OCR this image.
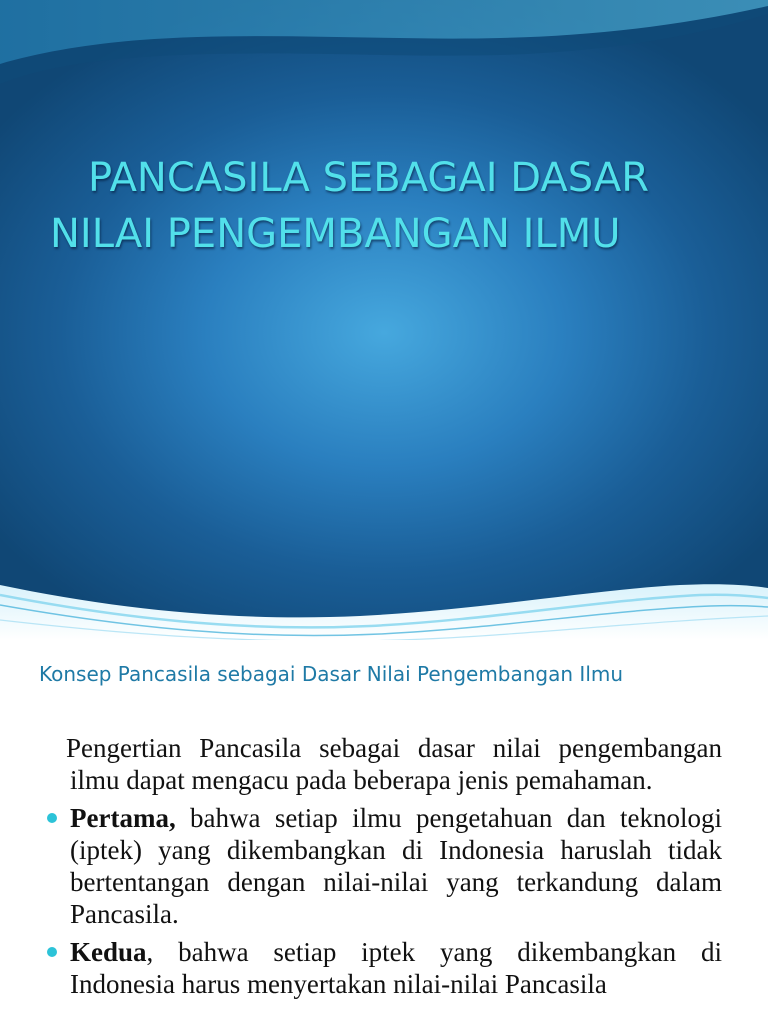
PANCASILA SEBAGAI DASAR
NILAI PENGEMBANGAN ILMU
Konsep Pancasila sebagai Dasar Nilai Pengembangan Ilmu

Pengertian Pancasila sebagai dasar nilai pengembangan ilmu dapat mengacu pada beberapa jenis pemahaman.

Pertama, bahwa setiap ilmu pengetahuan dan teknologi (iptek) yang dikembangkan di Indonesia haruslah tidak bertentangan dengan nilai-nilai yang terkandung dalam Pancasila.

Kedua, bahwa setiap iptek yang dikembangkan di Indonesia harus menyertakan nilai-nilai Pancasila
